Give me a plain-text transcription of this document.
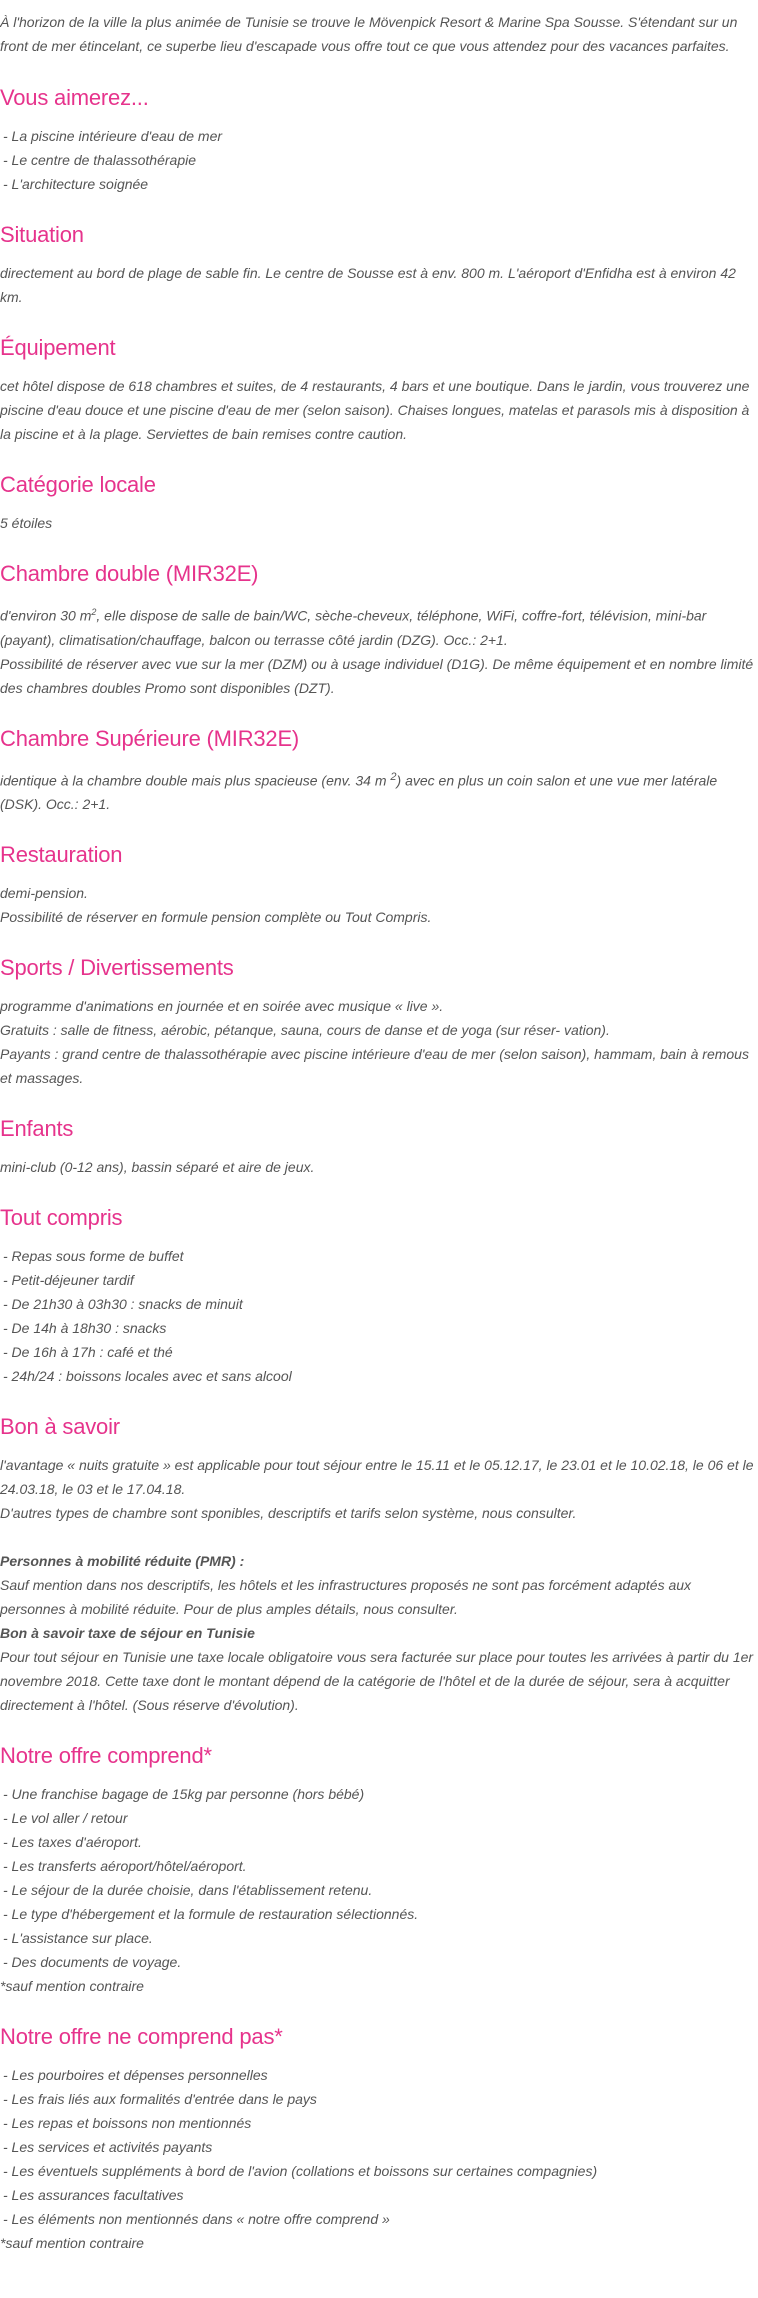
À l'horizon de la ville la plus animée de Tunisie se trouve le Mövenpick Resort & Marine Spa Sousse. S'étendant sur un front de mer étincelant, ce superbe lieu d'escapade vous offre tout ce que vous attendez pour des vacances parfaites.

Vous aimerez...
- La piscine intérieure d'eau de mer
- Le centre de thalassothérapie
- L'architecture soignée
Situation

directement au bord de plage de sable fin. Le centre de Sousse est à env. 800 m. L'aéroport d'Enfidha est à environ 42 km.

Équipement

cet hôtel dispose de 618 chambres et suites, de 4 restaurants, 4 bars et une boutique. Dans le jardin, vous trouverez une piscine d'eau douce et une piscine d'eau de mer (selon saison). Chaises longues, matelas et parasols mis à disposition à la piscine et à la plage. Serviettes de bain remises contre caution.

Catégorie locale

5 étoiles

Chambre double (MIR32E)

d'environ 30 $m^2$, elle dispose de salle de bain/WC, sèche-cheveux, téléphone, WiFi, coffre-fort, télévision, mini-bar (payant), climatisation/chauffage, balcon ou terrasse côté jardin (DZG). Occ.: 2+1.

Possibilité de réserver avec vue sur la mer (DZM) ou à usage individuel (D1G). De même équipement et en nombre limité des chambres doubles Promo sont disponibles (DZT).

Chambre Supérieure (MIR32E)

identique à la chambre double mais plus spacieuse (env. 34 m $^2$) avec en plus un coin salon et une vue mer latérale (DSK). Occ.: 2+1.

Restauration

demi-pension.

Possibilité de réserver en formule pension complète ou Tout Compris.

Sports / Divertissements

programme d'animations en journée et en soirée avec musique « live ».

Gratuits : salle de fitness, aérobic, pétanque, sauna, cours de danse et de yoga (sur réser- vation).

Payants : grand centre de thalassothérapie avec piscine intérieure d'eau de mer (selon saison), hammam, bain à remous et massages.

Enfants

mini-club (0-12 ans), bassin séparé et aire de jeux.

Tout compris
- Repas sous forme de buffet
- Petit-déjeuner tardif
- De 21h30 à 03h30 : snacks de minuit
- De 14h à 18h30 : snacks
- De 16h à 17h : café et thé
- 24h/24 : boissons locales avec et sans alcool
Bon à savoir

l'avantage « nuits gratuite » est applicable pour tout séjour entre le 15.11 et le 05.12.17, le 23.01 et le 10.02.18, le 06 et le 24.03.18, le 03 et le 17.04.18.

D'autres types de chambre sont sponibles, descriptifs et tarifs selon système, nous consulter.

Personnes à mobilité réduite (PMR) :

Sauf mention dans nos descriptifs, les hôtels et les infrastructures proposés ne sont pas forcément adaptés aux personnes à mobilité réduite. Pour de plus amples détails, nous consulter.

Bon à savoir taxe de séjour en Tunisie

Pour tout séjour en Tunisie une taxe locale obligatoire vous sera facturée sur place pour toutes les arrivées à partir du 1er novembre 2018. Cette taxe dont le montant dépend de la catégorie de l'hôtel et de la durée de séjour, sera à acquitter directement à l'hôtel. (Sous réserve d'évolution).

Notre offre comprend*
- Une franchise bagage de 15kg par personne (hors bébé)
- Le vol aller / retour
- Les taxes d'aéroport.
- Les transferts aéroport/hôtel/aéroport.
- Le séjour de la durée choisie, dans l'établissement retenu.
- Le type d'hébergement et la formule de restauration sélectionnés.
- L'assistance sur place.
- Des documents de voyage.

*sauf mention contraire

Notre offre ne comprend pas*
- Les pourboires et dépenses personnelles
- Les frais liés aux formalités d'entrée dans le pays
- Les repas et boissons non mentionnés
- Les services et activités payants
- Les éventuels suppléments à bord de l'avion (collations et boissons sur certaines compagnies)
- Les assurances facultatives
- Les éléments non mentionnés dans « notre offre comprend »

*sauf mention contraire
